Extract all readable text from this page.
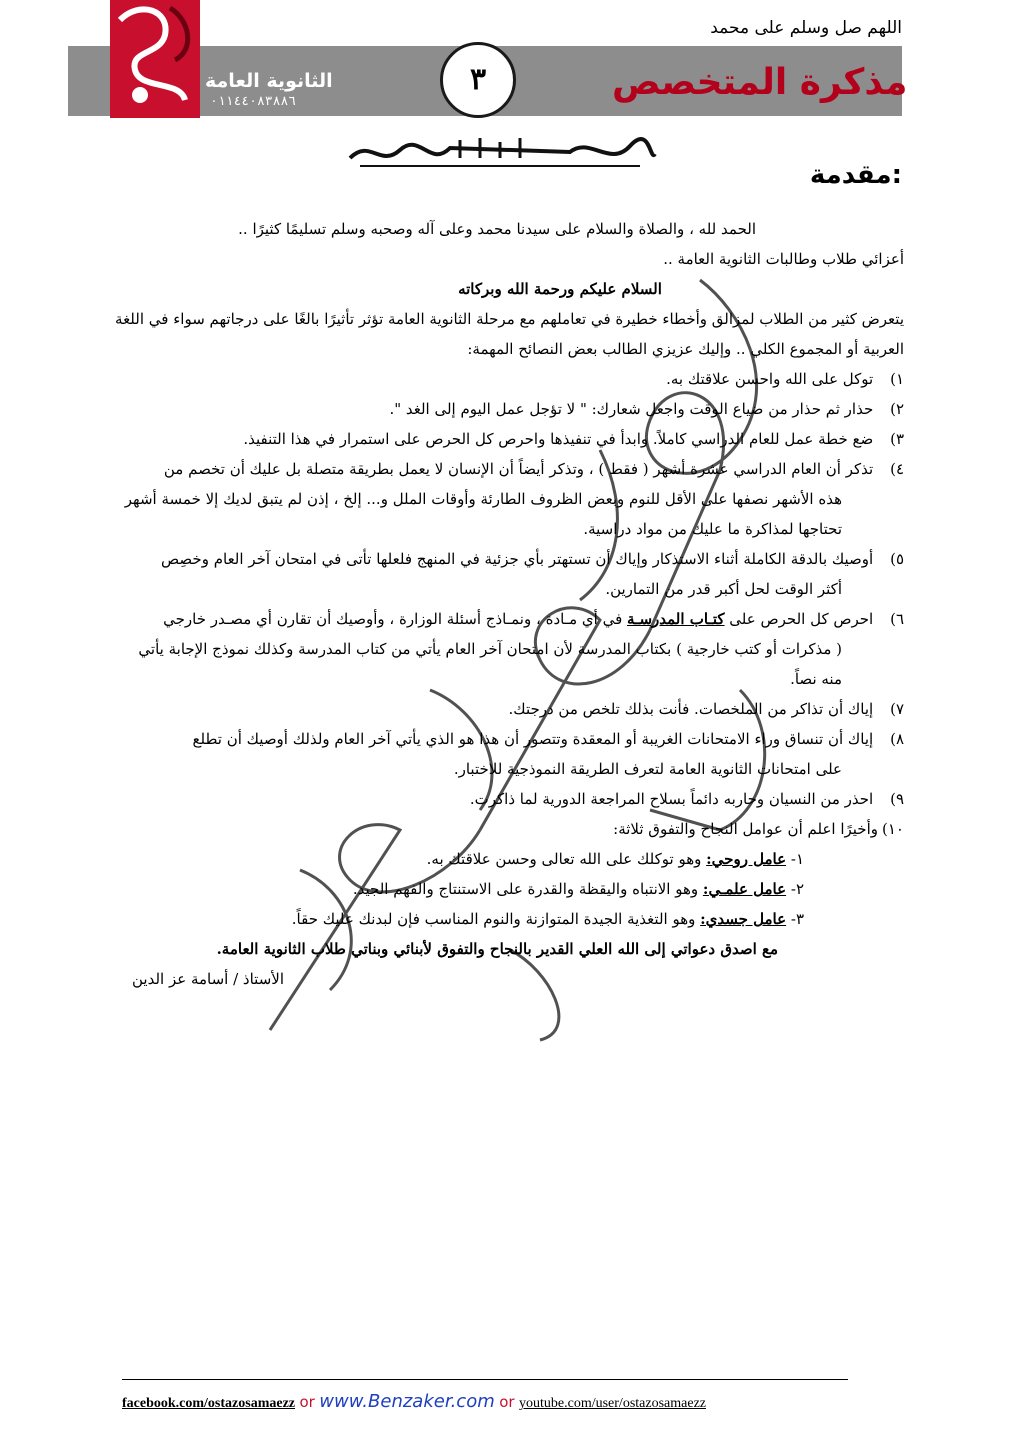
اللهم صل وسلم على محمد
الثانوية العامة
٠١١٤٤٠٨٣٨٨٦
٣	مذكرة المتخصص
مقدمة:
الحمد لله ، والصلاة والسلام على سيدنا محمد وعلى آله وصحبه وسلم تسليمًا كثيرًا ..
أعزائي طلاب وطالبات الثانوية العامة ..
السلام عليكم ورحمة الله وبركاته
يتعرض كثير من الطلاب لمزالق وأخطاء خطيرة في تعاملهم مع مرحلة الثانوية العامة تؤثر تأثيرًا بالغًا على درجاتهم سواء في اللغة
العربية أو المجموع الكلي .. وإليك عزيزي الطالب بعض النصائح المهمة:
١) توكل على الله واحسن علاقتك به.
٢) حذار ثم حذار من ضياع الوقت واجعل شعارك: " لا تؤجل عمل اليوم إلى الغد ".
٣) ضع خطة عمل للعام الدراسي كاملاً. وابدأ في تنفيذها واحرص كل الحرص على استمرار في هذا التنفيذ.
٤) تذكر أن العام الدراسي عشرة أشهر ( فقط ) ، وتذكر أيضاً أن الإنسان لا يعمل بطريقة متصلة بل عليك أن تخصم من
هذه الأشهر نصفها على الأقل للنوم وبعض الظروف الطارئة وأوقات الملل و... إلخ ، إذن لم يتبق لديك إلا خمسة أشهر
تحتاجها لمذاكرة ما عليك من مواد دراسية.
٥) أوصيك بالدقة الكاملة أثناء الاستذكار وإياك أن تستهتر بأي جزئية في المنهج فلعلها تأتى في امتحان آخر العام وخصِص
أكثر الوقت لحل أكبر قدر من التمارين.
٦) احرص كل الحرص على كتـاب المدرسـة في أي مـادة ، ونمـاذج أسئلة الوزارة ، وأوصيك أن تقارن أي مصـدر خارجي
( مذكرات أو كتب خارجية ) بكتاب المدرسة لأن امتحان آخر العام يأتي من كتاب المدرسة وكذلك نموذج الإجابة يأتي
منه نصاً.
٧) إياك أن تذاكر من الملخصات. فأنت بذلك تلخص من درجتك.
٨) إياك أن تنساق وراء الامتحانات الغريبة أو المعقدة وتتصور أن هذا هو الذي يأتي آخر العام ولذلك أوصيك أن تطلع
على امتحانات الثانوية العامة لتعرف الطريقة النموذجية للاختبار.
٩) احذر من النسيان وحاربه دائماً بسلاح المراجعة الدورية لما ذاكرت.
١٠)وأخيرًا اعلم أن عوامل النجاح والتفوق ثلاثة:
١- عامل روحي: وهو توكلك على الله تعالى وحسن علاقتك به.
٢- عامل علمـي: وهو الانتباه واليقظة والقدرة على الاستنتاج والفهم الجيد.
٣- عامل جسدي: وهو التغذية الجيدة المتوازنة والنوم المناسب فإن لبدنك عليك حقاً.
مع اصدق دعواتي إلى الله العلي القدير بالنجاح والتفوق لأبنائي وبناتي طلاب الثانوية العامة.
الأستاذ / أسامة عز الدين
facebook.com/ostazosamaezz or www.Benzaker.com or youtube.com/user/ostazosamaezz
